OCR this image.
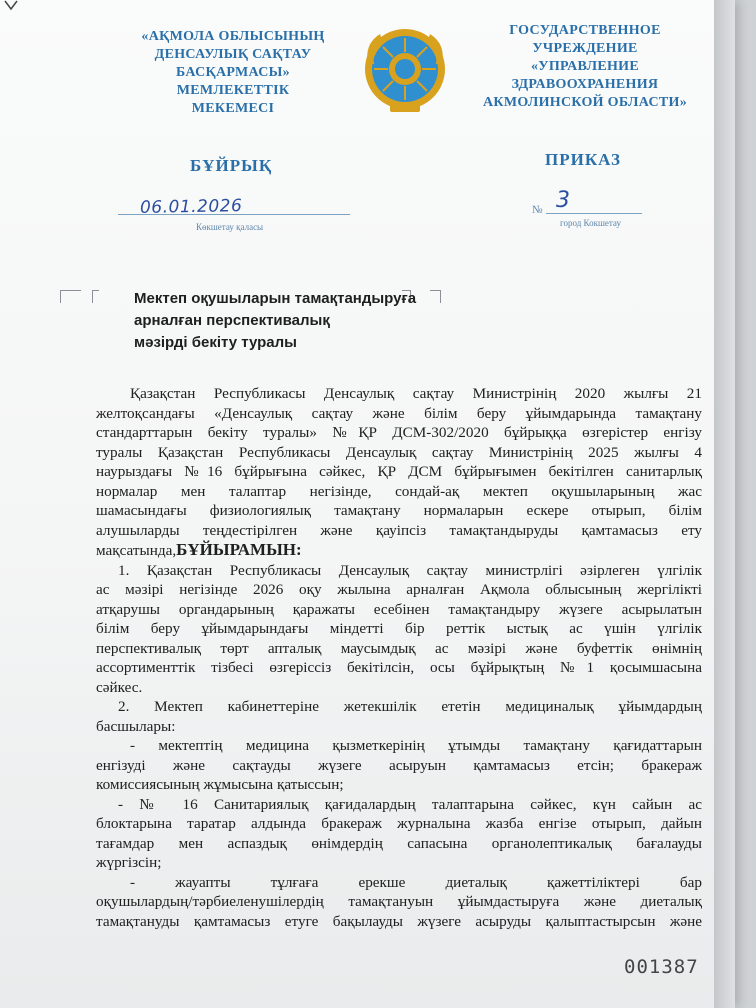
«АҚМОЛА ОБЛЫСЫНЫҢ
ДЕНСАУЛЫҚ САҚТАУ
БАСҚАРМАСЫ»
МЕМЛЕКЕТТІК
МЕКЕМЕСІ
ГОСУДАРСТВЕННОЕ
УЧРЕЖДЕНИЕ
«УПРАВЛЕНИЕ
ЗДРАВООХРАНЕНИЯ
АКМОЛИНСКОЙ ОБЛАСТИ»
БҰЙРЫҚ	ПРИКАЗ
06.01.2026
Көкшетау қаласы
№ 3
город Кокшетау
Мектеп оқушыларын тамақтандыруға
арналған перспективалық
мәзірді бекіту туралы
Қазақстан Республикасы Денсаулық сақтау Министрінің 2020 жылғы 21
желтоқсандағы «Денсаулық сақтау және білім беру ұйымдарында тамақтану
стандарттарын бекіту туралы» №ҚР ДСМ-302/2020 бұйрыққа өзгерістер енгізу
туралы Қазақстан Республикасы Денсаулық сақтау Министрінің 2025 жылғы 4
наурыздағы №16 бұйрығына сәйкес, ҚР ДСМ бұйрығымен бекітілген санитарлық
нормалар мен талаптар негізінде, сондай-ақ мектеп оқушыларының жас
шамасындағы физиологиялық тамақтану нормаларын ескере отырып, білім
алушыларды теңдестірілген және қауіпсіз тамақтандыруды қамтамасыз ету
мақсатында,БҰЙЫРАМЫН:
1. Қазақстан Республикасы Денсаулық сақтау министрлігі әзірлеген үлгілік
ас мәзірі негізінде 2026 оқу жылына арналған Ақмола облысының жергілікті
атқарушы органдарының қаражаты есебінен тамақтандыру жүзеге асырылатын
білім беру ұйымдарындағы міндетті бір реттік ыстық ас үшін үлгілік
перспективалық төрт апталық маусымдық ас мәзірі және буфеттік өнімнің
ассортименттік тізбесі өзгеріссіз бекітілсін, осы бұйрықтың №1 қосымшасына
сәйкес.
2. Мектеп кабинеттеріне жетекшілік ететін медициналық ұйымдардың
басшылары:
- мектептің медицина қызметкерінің ұтымды тамақтану қағидаттарын
енгізуді және сақтауды жүзеге асыруын қамтамасыз етсін; бракераж
комиссиясының жұмысына қатыссын;
- № 16 Санитариялық қағидалардың талаптарына сәйкес, күн сайын ас
блоктарына таратар алдында бракераж журналына жазба енгізе отырып, дайын
тағамдар мен аспаздық өнімдердің сапасына органолептикалық бағалауды
жүргізсін;
- жауапты тұлғаға ерекше диеталық қажеттіліктері бар
оқушылардың/тәрбиеленушілердің тамақтануын ұйымдастыруға және диеталық
тамақтануды қамтамасыз етуге бақылауды жүзеге асыруды қалыптастырсын және
001387
